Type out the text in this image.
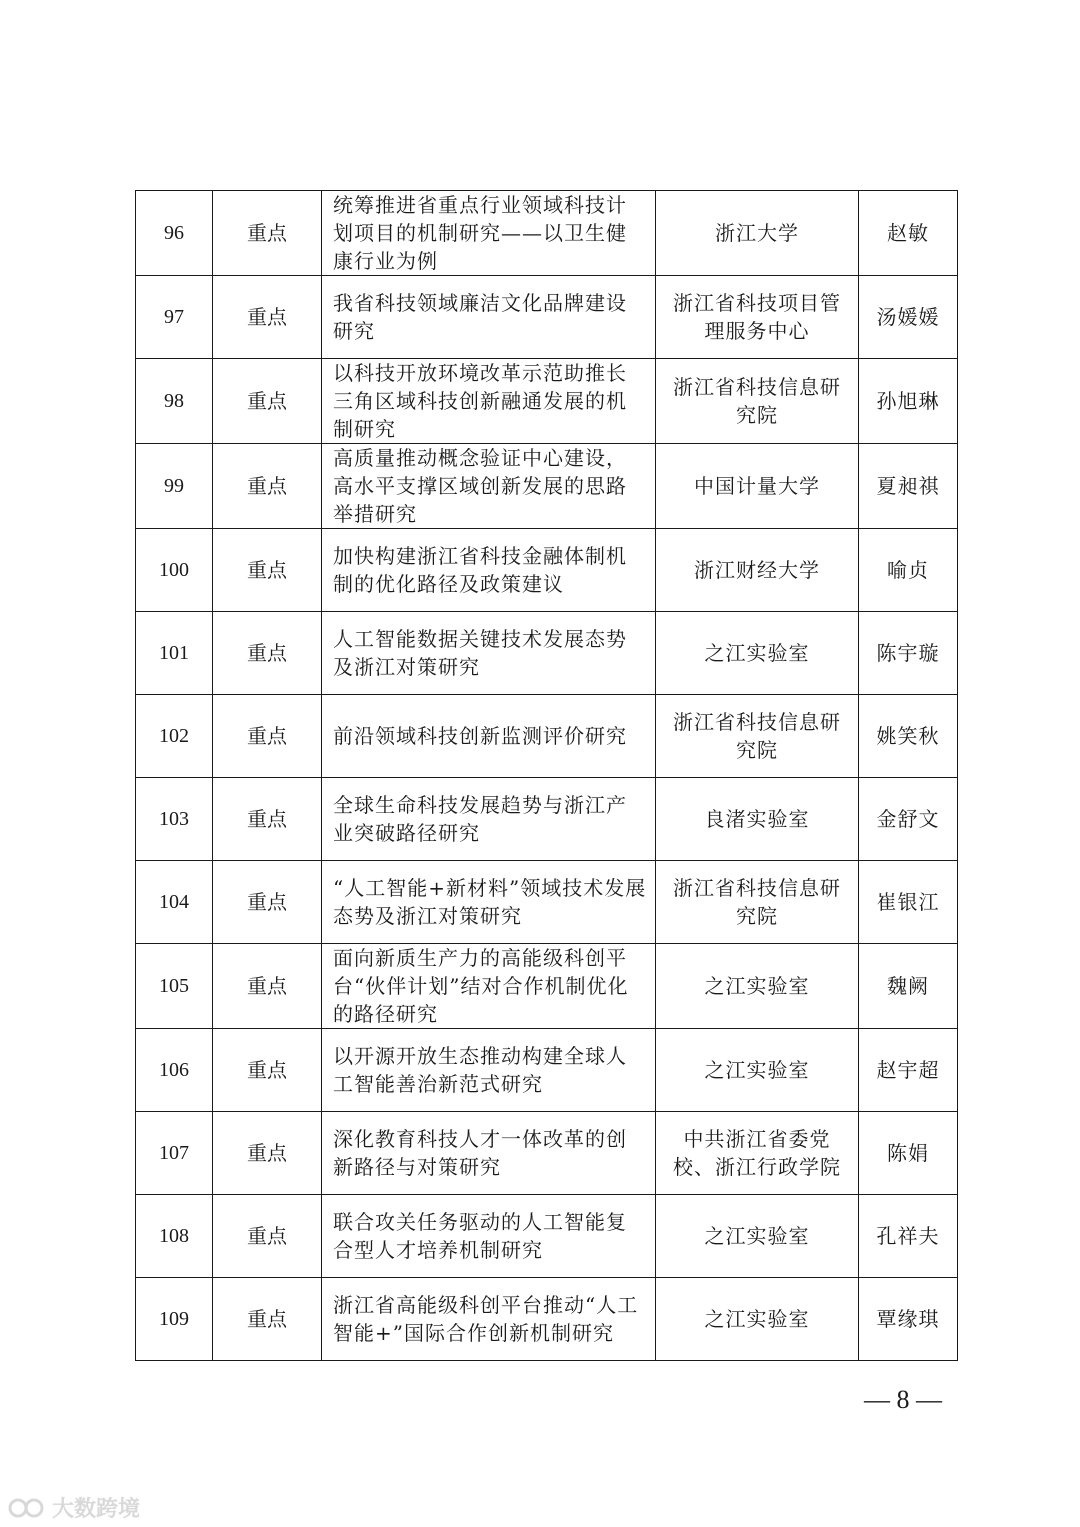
96	重点	统筹推进省重点行业领域科技计划项目的机制研究——以卫生健康行业为例	浙江大学	赵敏
97	重点	我省科技领域廉洁文化品牌建设研究	浙江省科技项目管理服务中心	汤媛媛
98	重点	以科技开放环境改革示范助推长三角区域科技创新融通发展的机制研究	浙江省科技信息研究院	孙旭琳
99	重点	高质量推动概念验证中心建设，高水平支撑区域创新发展的思路举措研究	中国计量大学	夏昶祺
100	重点	加快构建浙江省科技金融体制机制的优化路径及政策建议	浙江财经大学	喻贞
101	重点	人工智能数据关键技术发展态势及浙江对策研究	之江实验室	陈宇璇
102	重点	前沿领域科技创新监测评价研究	浙江省科技信息研究院	姚笑秋
103	重点	全球生命科技发展趋势与浙江产业突破路径研究	良渚实验室	金舒文
104	重点	“人工智能+新材料”领域技术发展态势及浙江对策研究	浙江省科技信息研究院	崔银江
105	重点	面向新质生产力的高能级科创平台“伙伴计划”结对合作机制优化的路径研究	之江实验室	魏阙
106	重点	以开源开放生态推动构建全球人工智能善治新范式研究	之江实验室	赵宇超
107	重点	深化教育科技人才一体改革的创新路径与对策研究	中共浙江省委党校、浙江行政学院	陈娟
108	重点	联合攻关任务驱动的人工智能复合型人才培养机制研究	之江实验室	孔祥夫
109	重点	浙江省高能级科创平台推动“人工智能+”国际合作创新机制研究	之江实验室	覃缘琪
— 8 —
大数跨境
